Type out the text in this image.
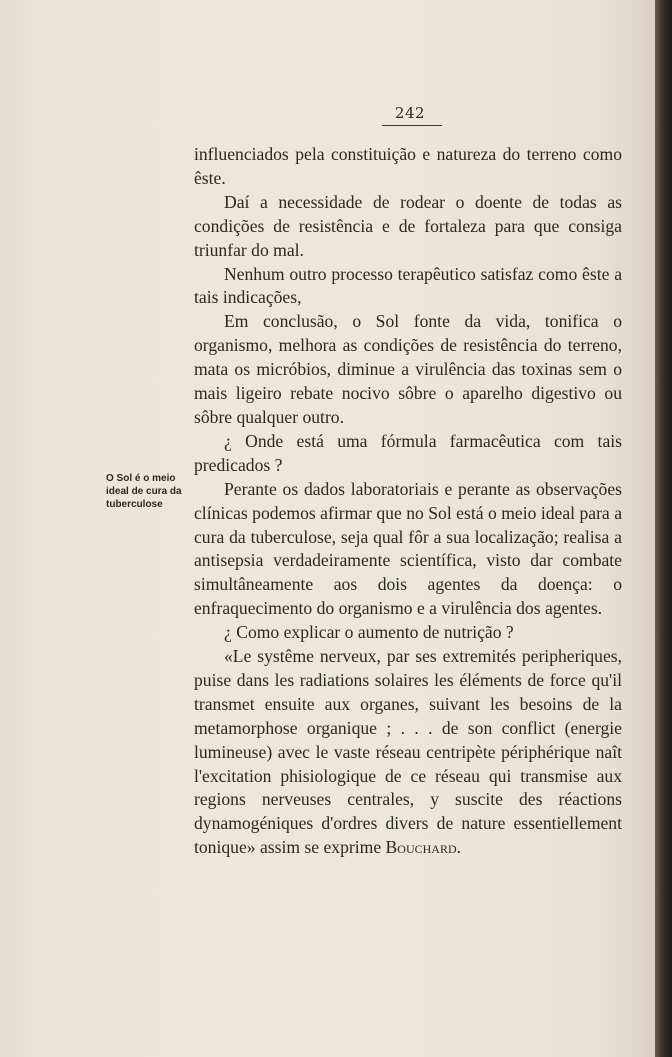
242
O Sol é o meio ideal de cura da tuberculose

influenciados pela constituição e natureza do terreno como êste.

Daí a necessidade de rodear o doente de todas as condições de resistência e de fortaleza para que consiga triunfar do mal.

Nenhum outro processo terapêutico satisfaz como êste a tais indicações,

Em conclusão, o Sol fonte da vida, tonifica o organismo, melhora as condições de resistência do terreno, mata os micróbios, diminue a virulência das toxinas sem o mais ligeiro rebate nocivo sôbre o aparelho digestivo ou sôbre qualquer outro.

¿ Onde está uma fórmula farmacêutica com tais predicados ?

Perante os dados laboratoriais e perante as observações clínicas podemos afirmar que no Sol está o meio ideal para a cura da tuberculose, seja qual fôr a sua localização; realisa a antisepsia verdadeiramente scientífica, visto dar combate simultâneamente aos dois agentes da doença: o enfraquecimento do organismo e a virulência dos agentes.

¿ Como explicar o aumento de nutrição ?

«Le systême nerveux, par ses extremités peripheriques, puise dans les radiations solaires les éléments de force qu'il transmet ensuite aux organes, suivant les besoins de la metamorphose organique ; . . . de son conflict (energie lumineuse) avec le vaste réseau centripète périphérique naît l'excitation phisiologique de ce réseau qui transmise aux regions nerveuses centrales, y suscite des réactions dynamogéniques d'ordres divers de nature essentiellement tonique» assim se exprime Bouchard.
